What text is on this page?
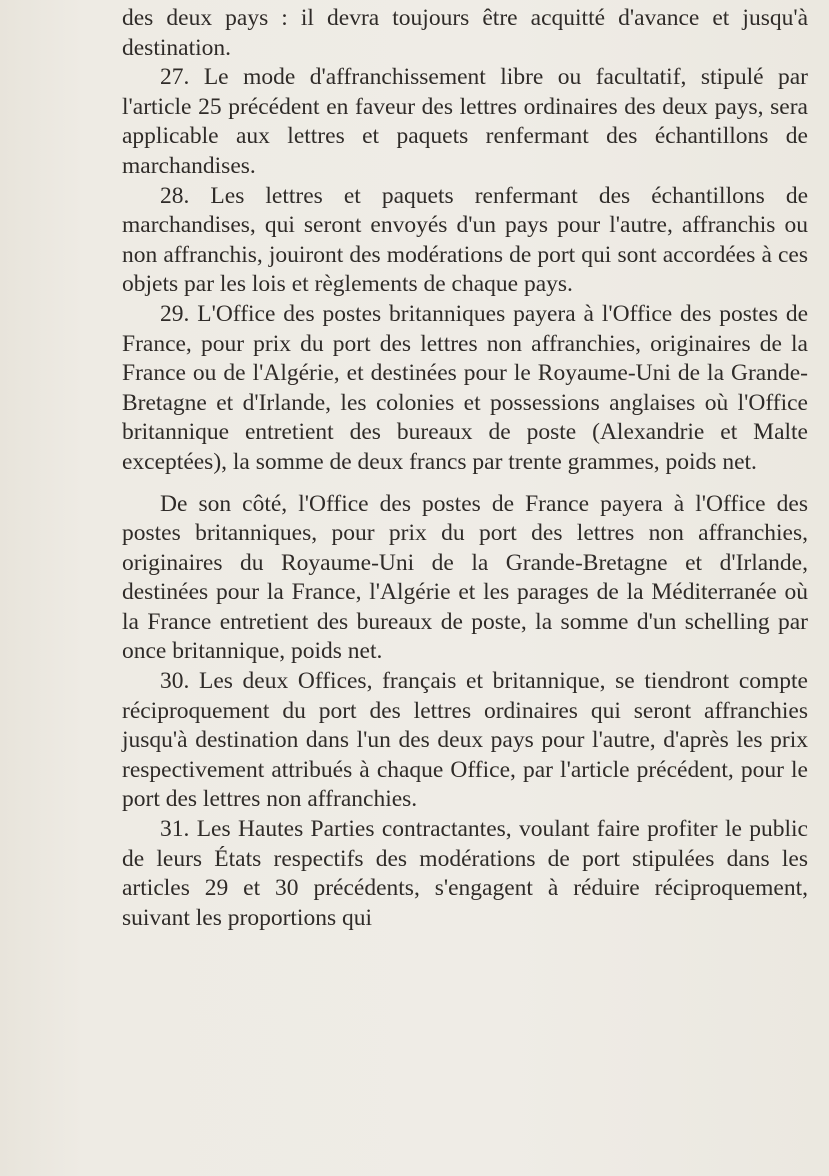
des deux pays : il devra toujours être acquitté d'avance et jusqu'à destination.

27. Le mode d'affranchissement libre ou facultatif, stipulé par l'article 25 précédent en faveur des lettres ordinaires des deux pays, sera applicable aux lettres et paquets renfermant des échantillons de marchandises.

28. Les lettres et paquets renfermant des échantillons de marchandises, qui seront envoyés d'un pays pour l'autre, affranchis ou non affranchis, jouiront des modérations de port qui sont accordées à ces objets par les lois et règlements de chaque pays.

29. L'Office des postes britanniques payera à l'Office des postes de France, pour prix du port des lettres non affranchies, originaires de la France ou de l'Algérie, et destinées pour le Royaume-Uni de la Grande-Bretagne et d'Irlande, les colonies et possessions anglaises où l'Office britannique entretient des bureaux de poste (Alexandrie et Malte exceptées), la somme de deux francs par trente grammes, poids net.

De son côté, l'Office des postes de France payera à l'Office des postes britanniques, pour prix du port des lettres non affranchies, originaires du Royaume-Uni de la Grande-Bretagne et d'Irlande, destinées pour la France, l'Algérie et les parages de la Méditerranée où la France entretient des bureaux de poste, la somme d'un schelling par once britannique, poids net.

30. Les deux Offices, français et britannique, se tiendront compte réciproquement du port des lettres ordinaires qui seront affranchies jusqu'à destination dans l'un des deux pays pour l'autre, d'après les prix respectivement attribués à chaque Office, par l'article précédent, pour le port des lettres non affranchies.

31. Les Hautes Parties contractantes, voulant faire profiter le public de leurs États respectifs des modérations de port stipulées dans les articles 29 et 30 précédents, s'engagent à réduire réciproquement, suivant les proportions qui
